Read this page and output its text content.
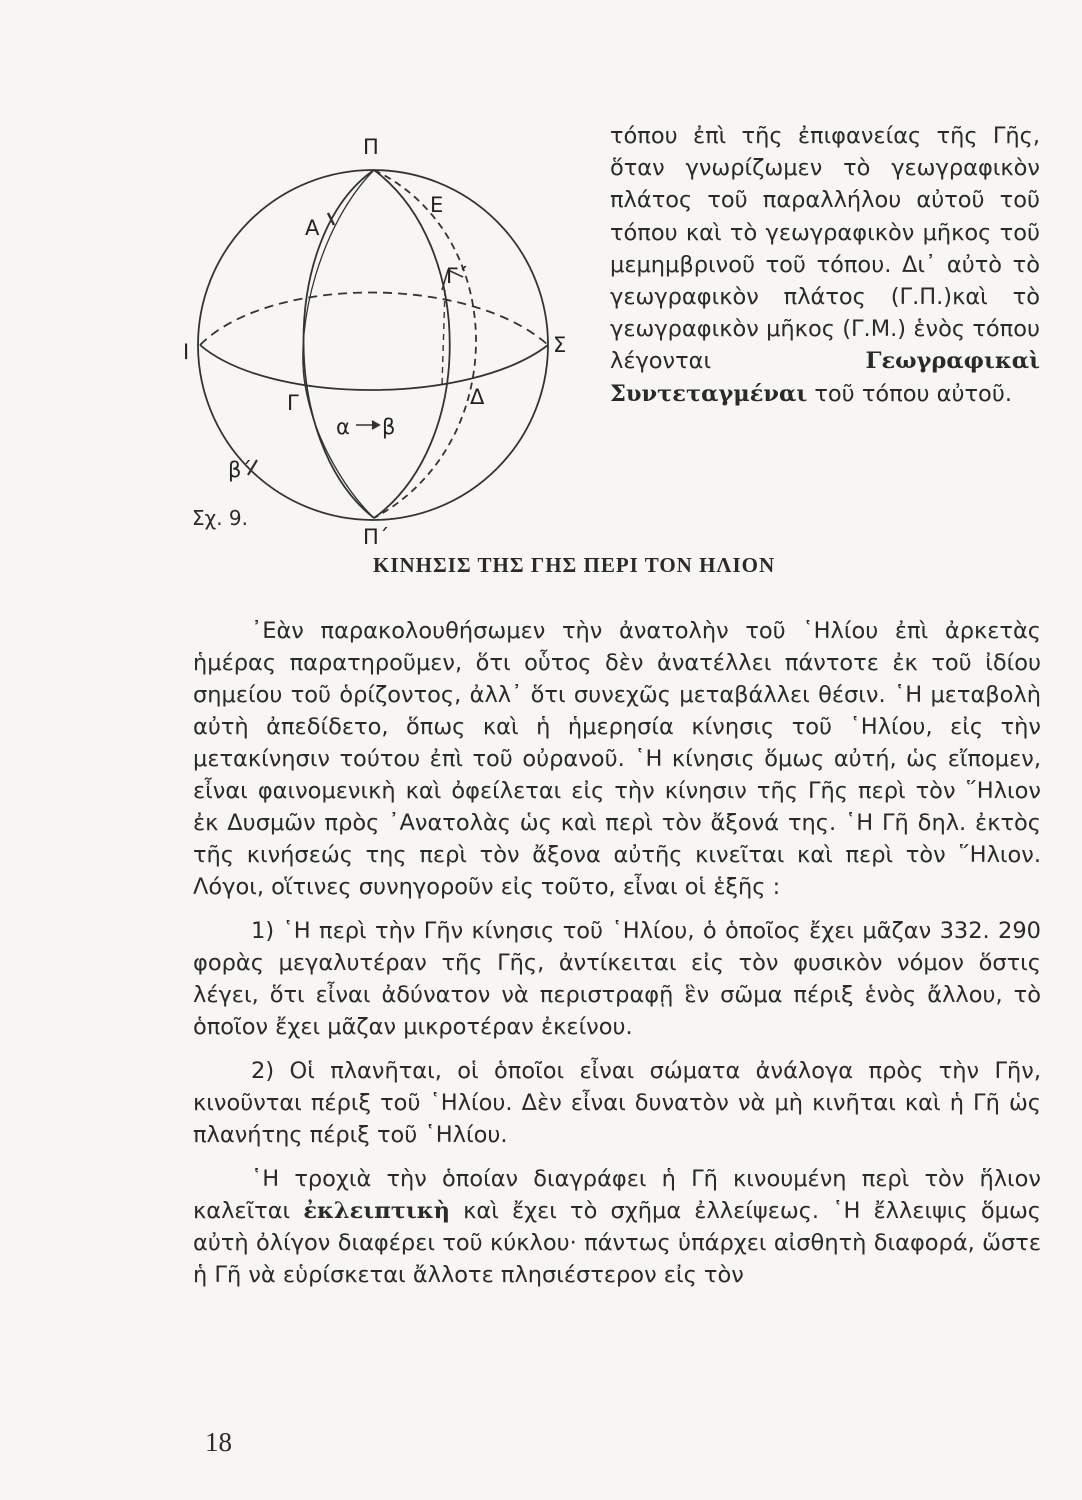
Π
Π΄
Α
Ε
Γ΄
Ι	Σ
Γ	Δ
α β
β΄

τόπου ἐπὶ τῆς ἐπιφανείας τῆς Γῆς, ὅταν γνωρίζωμεν τὸ γεωγραφικὸν πλάτος τοῦ παραλλήλου αὐτοῦ τοῦ τόπου καὶ τὸ γεωγραφικὸν μῆκος τοῦ μεμημβρινοῦ τοῦ τόπου. Δι᾽ αὐτὸ τὸ γεωγραφικὸν πλάτος (Γ.Π.)καὶ τὸ γεωγραφικὸν μῆκος (Γ.Μ.) ἑνὸς τόπου λέγονται	Γεωγραφικαὶ Συντεταγμέναι τοῦ τόπου αὐτοῦ.

Σχ. 9.
ΚΙΝΗΣΙΣ ΤΗΣ ΓΗΣ ΠΕΡΙ ΤΟΝ ΗΛΙΟΝ

᾽Εὰν παρακολουθήσωμεν τὴν ἀνατολὴν τοῦ ῾Ηλίου ἐπὶ ἀρκετὰς ἡμέρας παρατηροῦμεν, ὅτι οὗτος δὲν ἀνατέλλει πάντοτε ἐκ τοῦ ἰδίου σημείου τοῦ ὁρίζοντος, ἀλλ᾽ ὅτι συνεχῶς μεταβάλλει θέσιν. ῾Η μεταβολὴ αὐτὴ ἀπεδίδετο, ὅπως καὶ ἡ ἡμερησία κίνησις τοῦ ῾Ηλίου, εἰς τὴν μετακίνησιν τούτου ἐπὶ τοῦ οὐρανοῦ. ῾Η κίνησις ὅμως αὐτή, ὡς εἴπομεν, εἶναι φαινομενικὴ καὶ ὀφείλεται εἰς τὴν κίνησιν τῆς Γῆς περὶ τὸν ῞Ηλιον ἐκ Δυσμῶν πρὸς ᾽Ανατολὰς ὡς καὶ περὶ τὸν ἄξονά της. ῾Η Γῆ δηλ. ἐκτὸς τῆς κινήσεώς της περὶ τὸν ἄξονα αὐτῆς κινεῖται καὶ περὶ τὸν ῞Ηλιον. Λόγοι, οἵτινες συνηγοροῦν εἰς τοῦτο, εἶναι οἱ ἑξῆς :

1) ῾Η περὶ τὴν Γῆν κίνησις τοῦ ῾Ηλίου, ὁ ὁποῖος ἔχει μᾶζαν 332. 290 φορὰς μεγαλυτέραν τῆς Γῆς, ἀντίκειται εἰς τὸν φυσικὸν νόμον ὅστις λέγει, ὅτι εἶναι ἀδύνατον νὰ περιστραφῇ ἓν σῶμα πέριξ ἑνὸς ἄλλου, τὸ ὁποῖον ἔχει μᾶζαν μικροτέραν ἐκείνου.

2) Οἱ πλανῆται, οἱ ὁποῖοι εἶναι σώματα ἀνάλογα πρὸς τὴν Γῆν, κινοῦνται πέριξ τοῦ ῾Ηλίου. Δὲν εἶναι δυνατὸν νὰ μὴ κινῆται καὶ ἡ Γῆ ὡς πλανήτης πέριξ τοῦ ῾Ηλίου.

῾Η τροχιὰ τὴν ὁποίαν διαγράφει ἡ Γῆ κινουμένη περὶ τὸν ἥλιον καλεῖται ἐκλειπτικὴ καὶ ἔχει τὸ σχῆμα ἐλλείψεως. ῾Η ἔλλειψις ὅμως αὐτὴ ὀλίγον διαφέρει τοῦ κύκλου· πάντως ὑπάρχει αἰσθητὴ διαφορά, ὥστε ἡ Γῆ νὰ εὑρίσκεται ἄλλοτε πλησιέστερον εἰς τὸν

18
